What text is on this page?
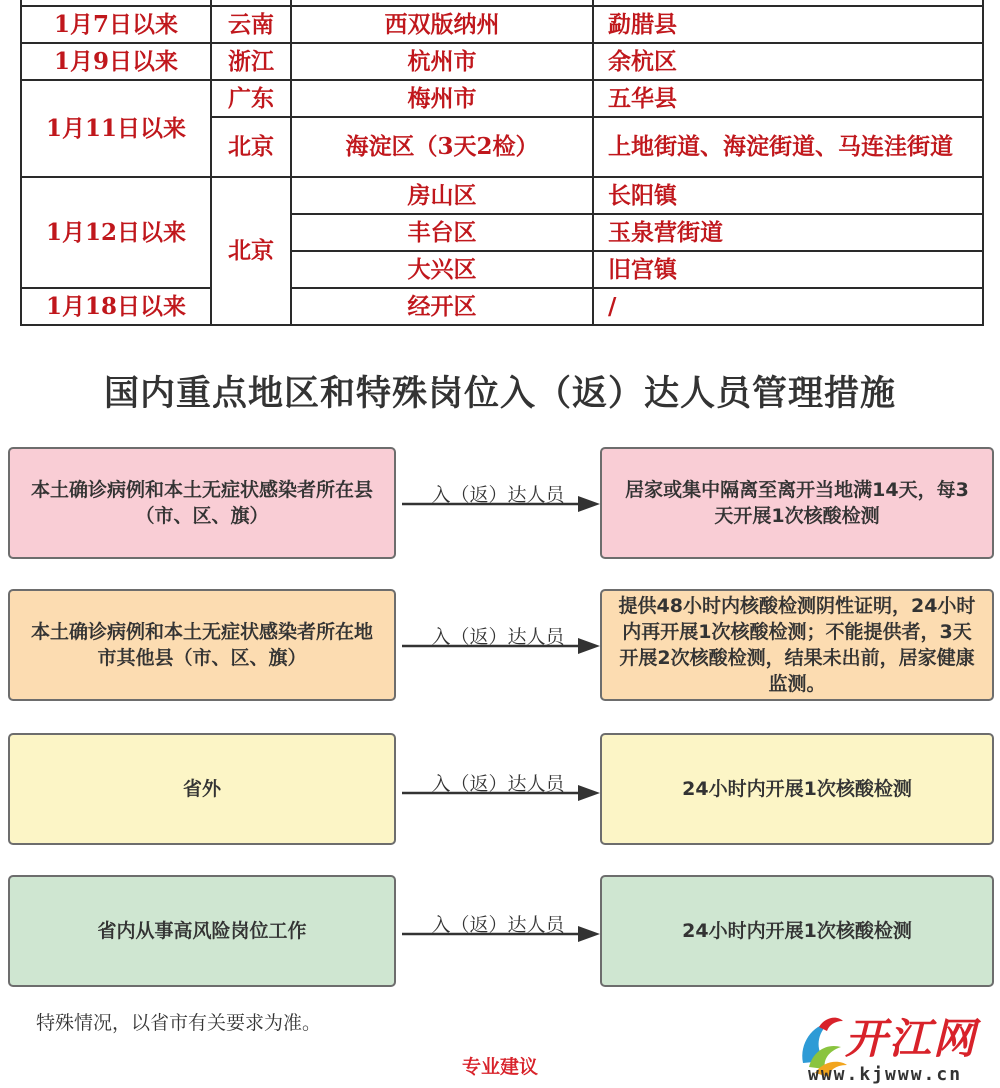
1月7日以来	云南	西双版纳州	勐腊县
1月9日以来	浙江	杭州市	余杭区
1月11日以来	广东	梅州市	五华县
	北京	海淀区（3天2检）	上地街道、海淀街道、马连洼街道
1月12日以来	北京	房山区	长阳镇
		丰台区	玉泉营街道
		大兴区	旧宫镇
1月18日以来		经开区	/
国内重点地区和特殊岗位入（返）达人员管理措施
本土确诊病例和本土无症状感染者所在县（市、区、旗）
入（返）达人员	居家或集中隔离至离开当地满14天，每3天开展1次核酸检测
本土确诊病例和本土无症状感染者所在地市其他县（市、区、旗）
入（返）达人员
提供48小时内核酸检测阴性证明，24小时内再开展1次核酸检测；不能提供者，3天开展2次核酸检测，结果未出前，居家健康监测。
省外	入（返）达人员	24小时内开展1次核酸检测
省内从事高风险岗位工作	入（返）达人员	24小时内开展1次核酸检测

特殊情况，以省市有关要求为准。

专业建议

开江网
www.kjwww.cn
